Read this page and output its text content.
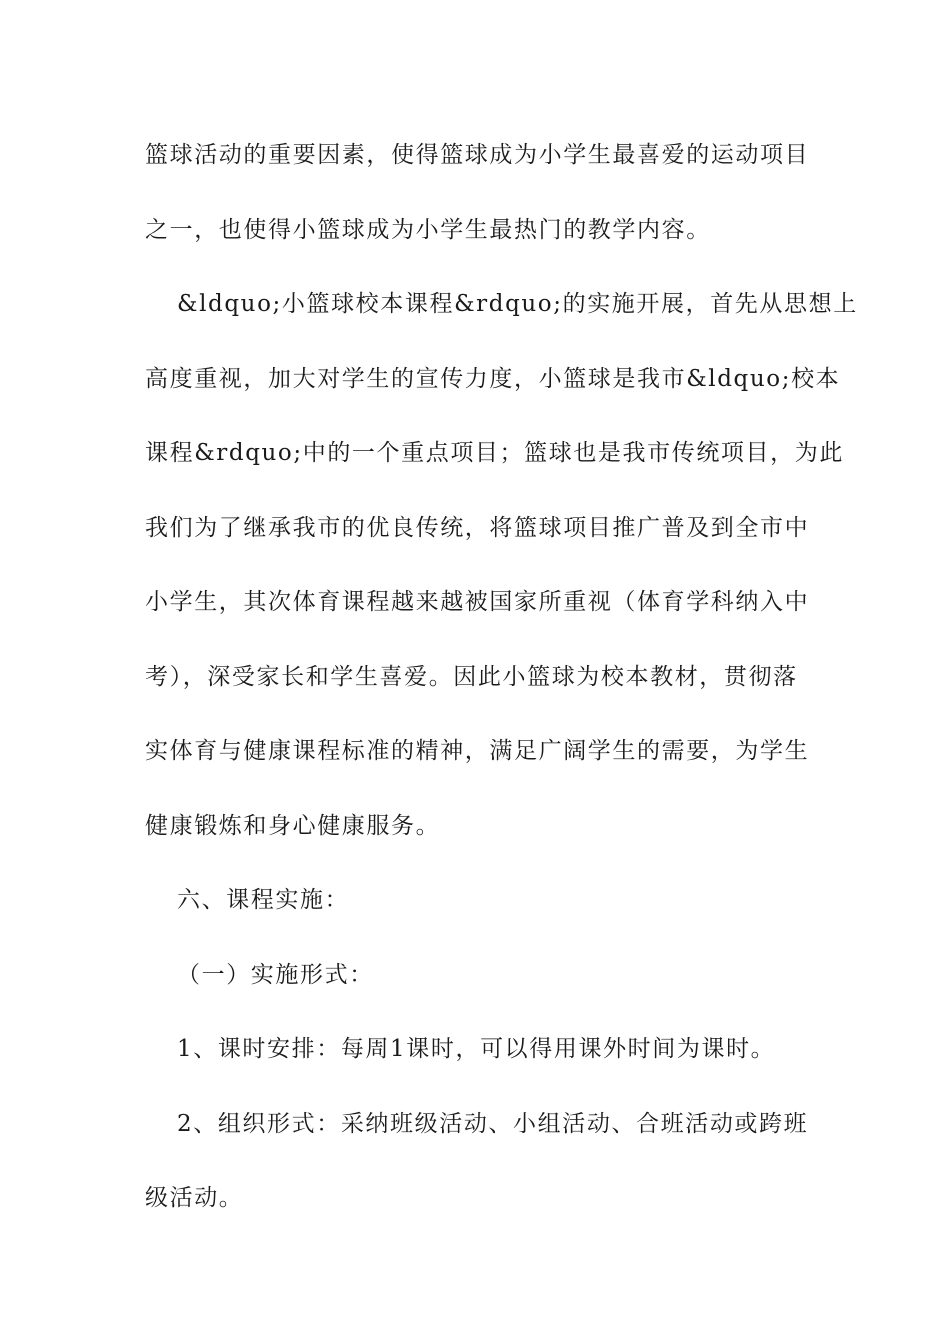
篮球活动的重要因素，使得篮球成为小学生最喜爱的运动项目
之一，也使得小篮球成为小学生最热门的教学内容。
&ldquo;小篮球校本课程&rdquo;的实施开展，首先从思想上
高度重视，加大对学生的宣传力度，小篮球是我市&ldquo;校本
课程&rdquo;中的一个重点项目；篮球也是我市传统项目，为此
我们为了继承我市的优良传统，将篮球项目推广普及到全市中
小学生，其次体育课程越来越被国家所重视（体育学科纳入中
考），深受家长和学生喜爱。因此小篮球为校本教材，贯彻落
实体育与健康课程标准的精神，满足广阔学生的需要，为学生
健康锻炼和身心健康服务。
六、课程实施：
（一）实施形式：
1、课时安排：每周1课时，可以得用课外时间为课时。
2、组织形式：采纳班级活动、小组活动、合班活动或跨班
级活动。
